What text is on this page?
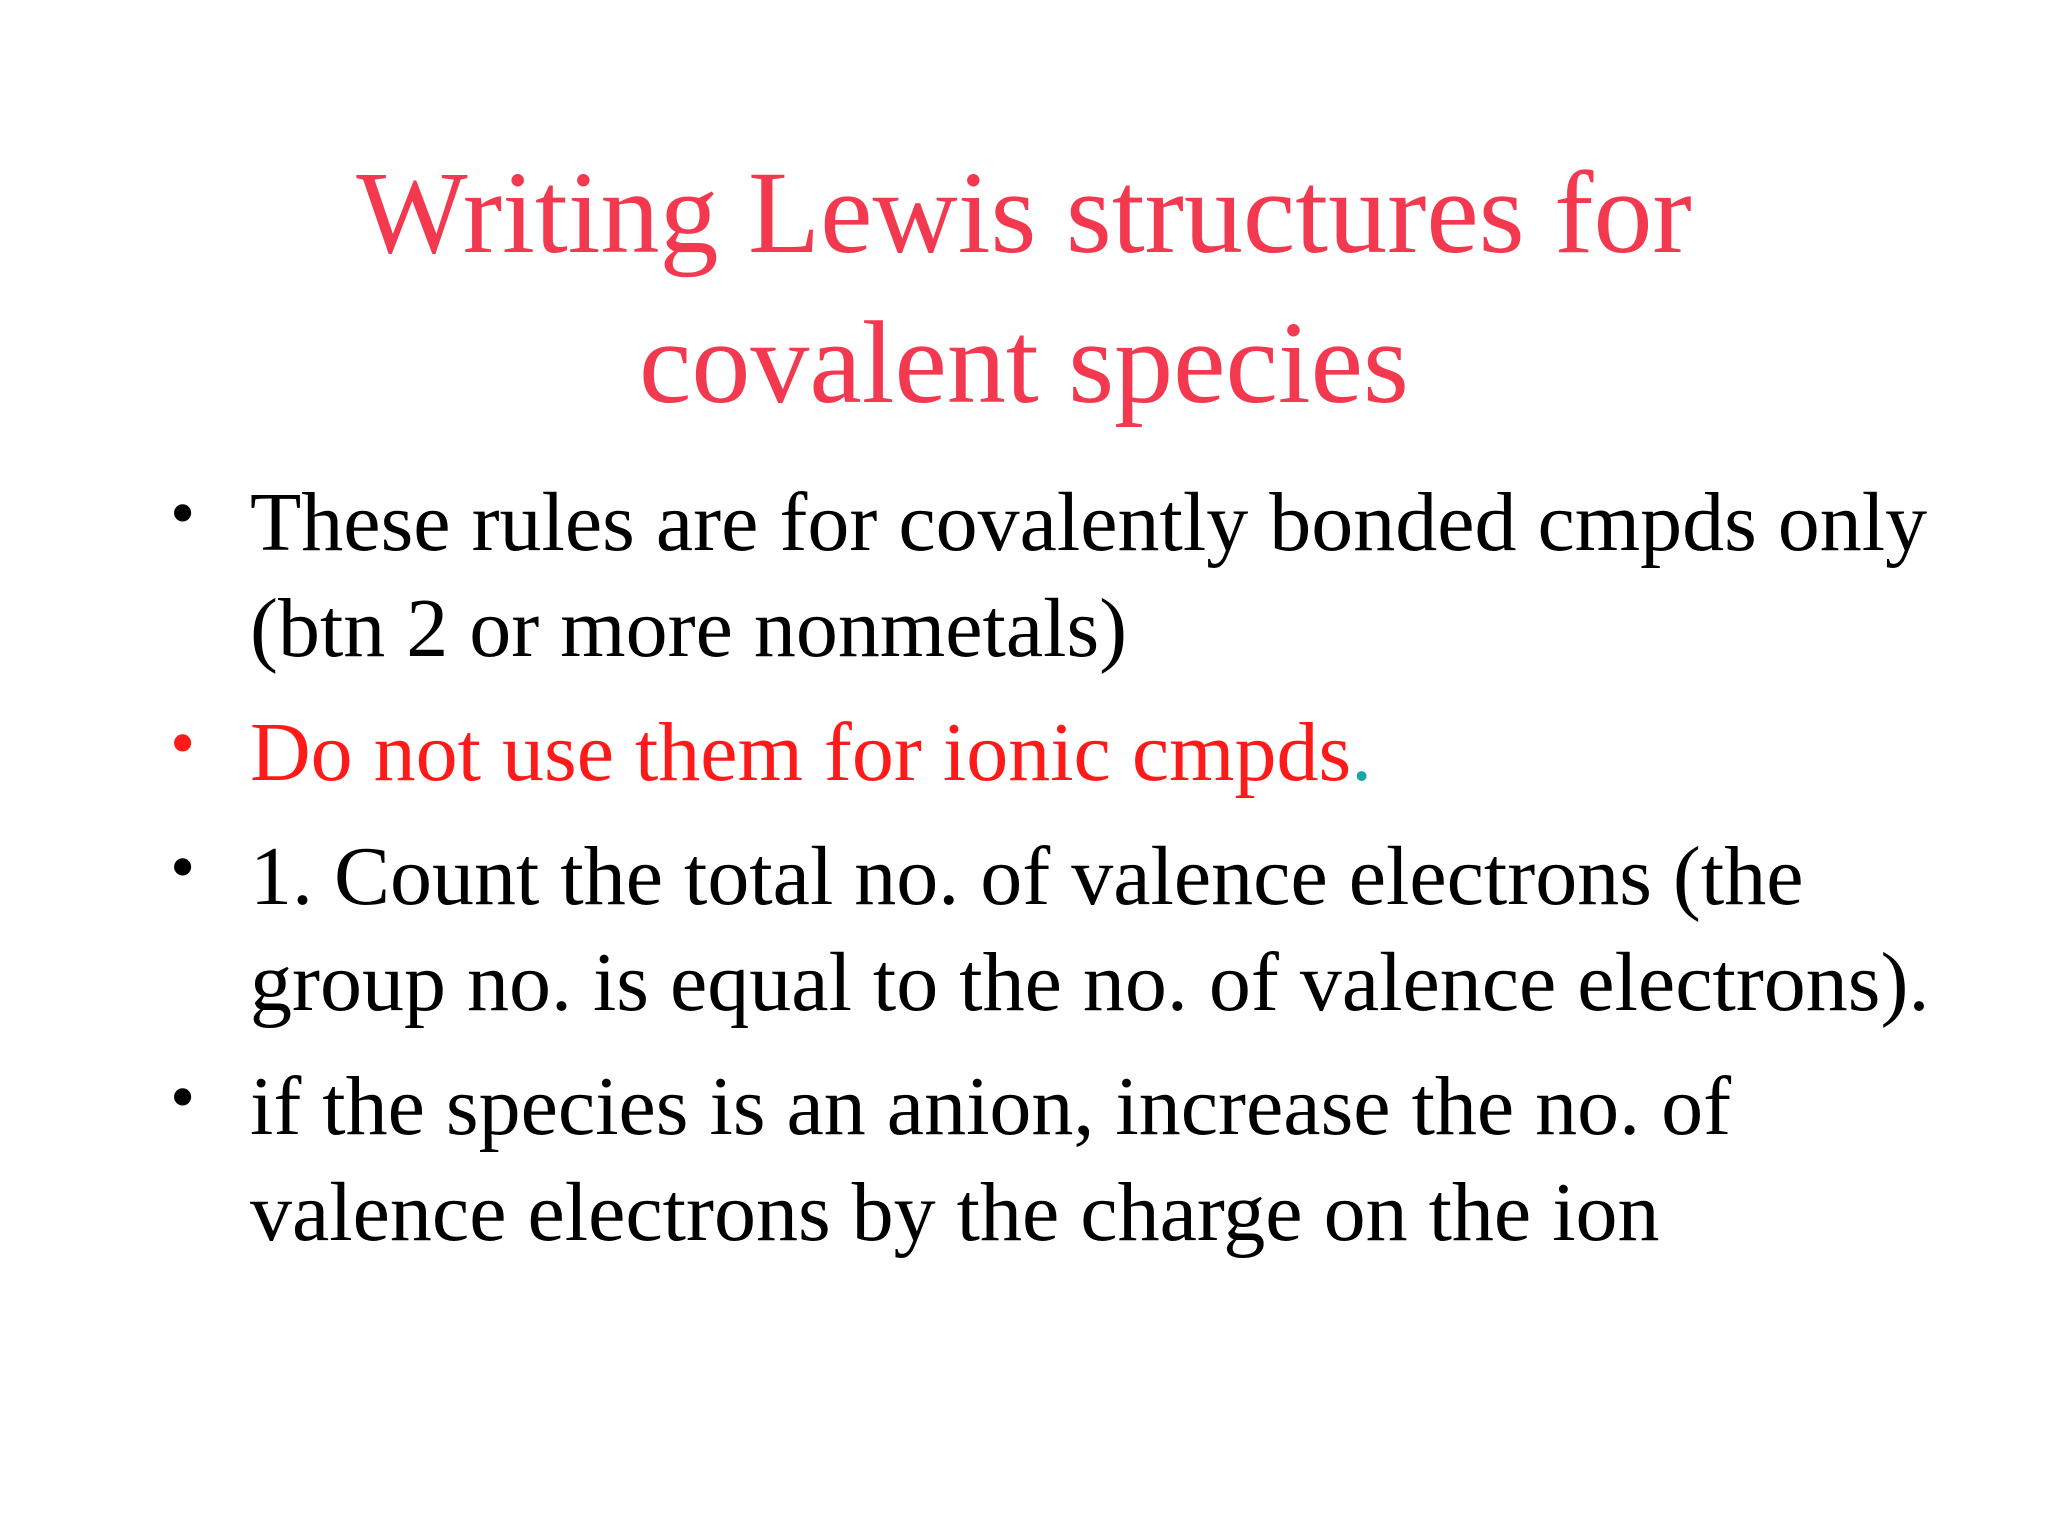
Writing Lewis structures for
covalent species
• These rules are for covalently bonded cmpds only (btn 2 or more nonmetals)
• Do not use them for ionic cmpds.
• 1. Count the total no. of valence electrons (the group no. is equal to the no. of valence electrons).
• if the species is an anion, increase the no. of valence electrons by the charge on the ion
